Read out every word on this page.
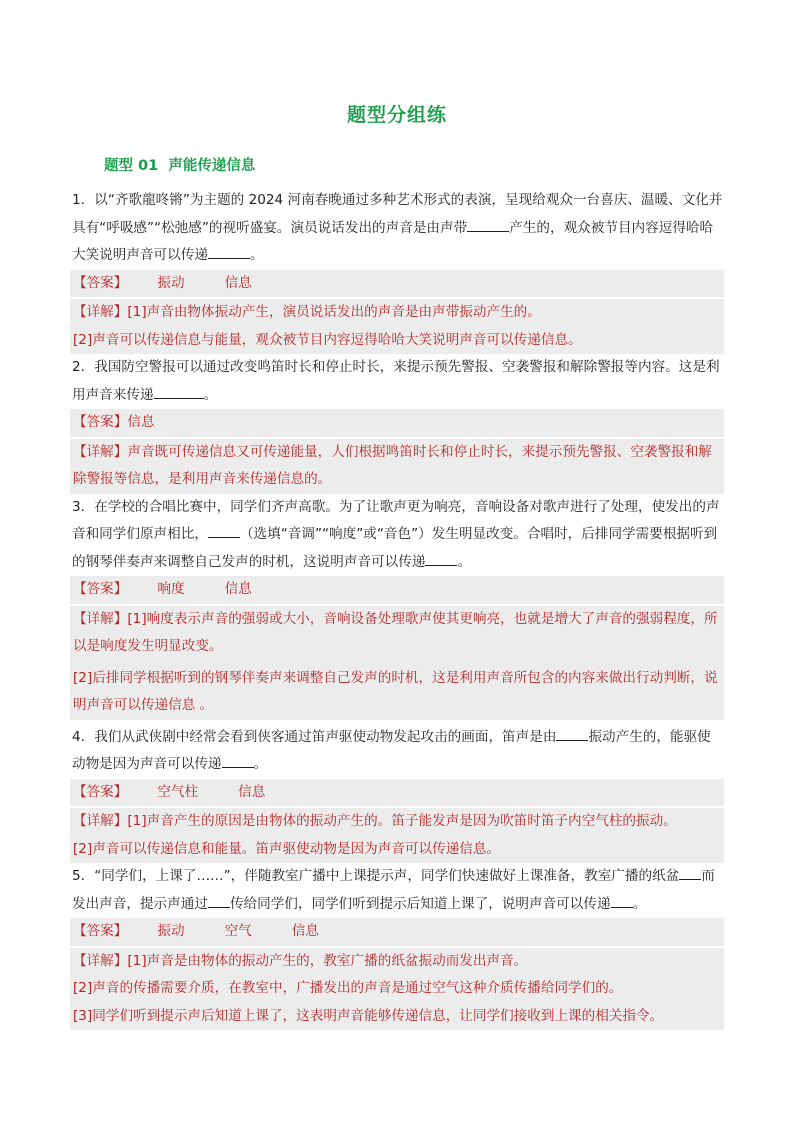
题型分组练
题型 01  声能传递信息
1．以“齐歌龍咚锵”为主题的 2024 河南春晚通过多种艺术形式的表演，呈现给观众一台喜庆、温暖、文化并具有“呼吸感”“松弛感”的视听盛宴。演员说话发出的声音是由声带	产生的，观众被节目内容逗得哈哈大笑说明声音可以传递	。
【答案】 振动	信息
【详解】[1]声音由物体振动产生，演员说话发出的声音是由声带振动产生的。
[2]声音可以传递信息与能量，观众被节目内容逗得哈哈大笑说明声音可以传递信息。
2．我国防空警报可以通过改变鸣笛时长和停止时长，来提示预先警报、空袭警报和解除警报等内容。这是利用声音来传递	。
【答案】 信息
【详解】声音既可传递信息又可传递能量，人们根据鸣笛时长和停止时长，来提示预先警报、空袭警报和解除警报等信息，是利用声音来传递信息的。
3．在学校的合唱比赛中，同学们齐声高歌。为了让歌声更为响亮，音响设备对歌声进行了处理，使发出的声音和同学们原声相比， （选填“音调”“响度”或“音色”）发生明显改变。合唱时，后排同学需要根据听到的钢琴伴奏声来调整自己发声的时机，这说明声音可以传递 。
【答案】 响度	信息
【详解】[1]响度表示声音的强弱或大小，音响设备处理歌声使其更响亮，也就是增大了声音的强弱程度，所以是响度发生明显改变。
[2]后排同学根据听到的钢琴伴奏声来调整自己发声的时机，这是利用声音所包含的内容来做出行动判断，说明声音可以传递信息 。
4．我们从武侠剧中经常会看到侠客通过笛声驱使动物发起攻击的画面，笛声是由 振动产生的，能驱使动物是因为声音可以传递 。
【答案】 空气柱	信息
【详解】[1]声音产生的原因是由物体的振动产生的。笛子能发声是因为吹笛时笛子内空气柱的振动。
[2]声音可以传递信息和能量。笛声驱使动物是因为声音可以传递信息。
5．“同学们，上课了……”，伴随教室广播中上课提示声，同学们快速做好上课准备，教室广播的纸盆 而发出声音，提示声通过 传给同学们，同学们听到提示后知道上课了，说明声音可以传递 。
【答案】 振动	空气	信息
【详解】[1]声音是由物体的振动产生的，教室广播的纸盆振动而发出声音。
[2]声音的传播需要介质，在教室中，广播发出的声音是通过空气这种介质传播给同学们的。
[3]同学们听到提示声后知道上课了，这表明声音能够传递信息，让同学们接收到上课的相关指令。
